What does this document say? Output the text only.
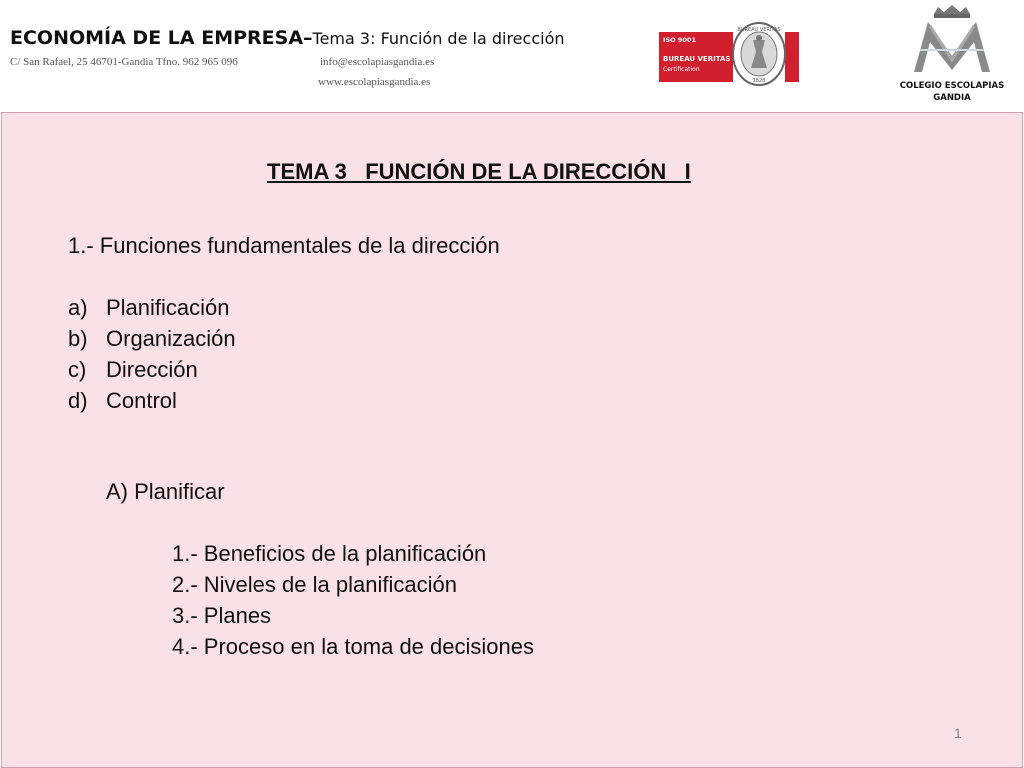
ECONOMÍA DE LA EMPRESA–Tema 3: Función de la dirección
C/ San Rafael, 25 46701-Gandia Tfno. 962 965 096	info@escolapiasgandia.es
www.escolapiasgandia.es
ISO 9001
BUREAU VERITAS
Certification
BUREAU VERITAS
1828	COLEGIO ESCOLAPIAS
GANDIA
TEMA 3   FUNCIÓN DE LA DIRECCIÓN   I
1.- Funciones fundamentales de la dirección
a) Planificación
b) Organización
c) Dirección
d) Control
A) Planificar
1.- Beneficios de la planificación
2.- Niveles de la planificación
3.- Planes
4.- Proceso en la toma de decisiones
1
